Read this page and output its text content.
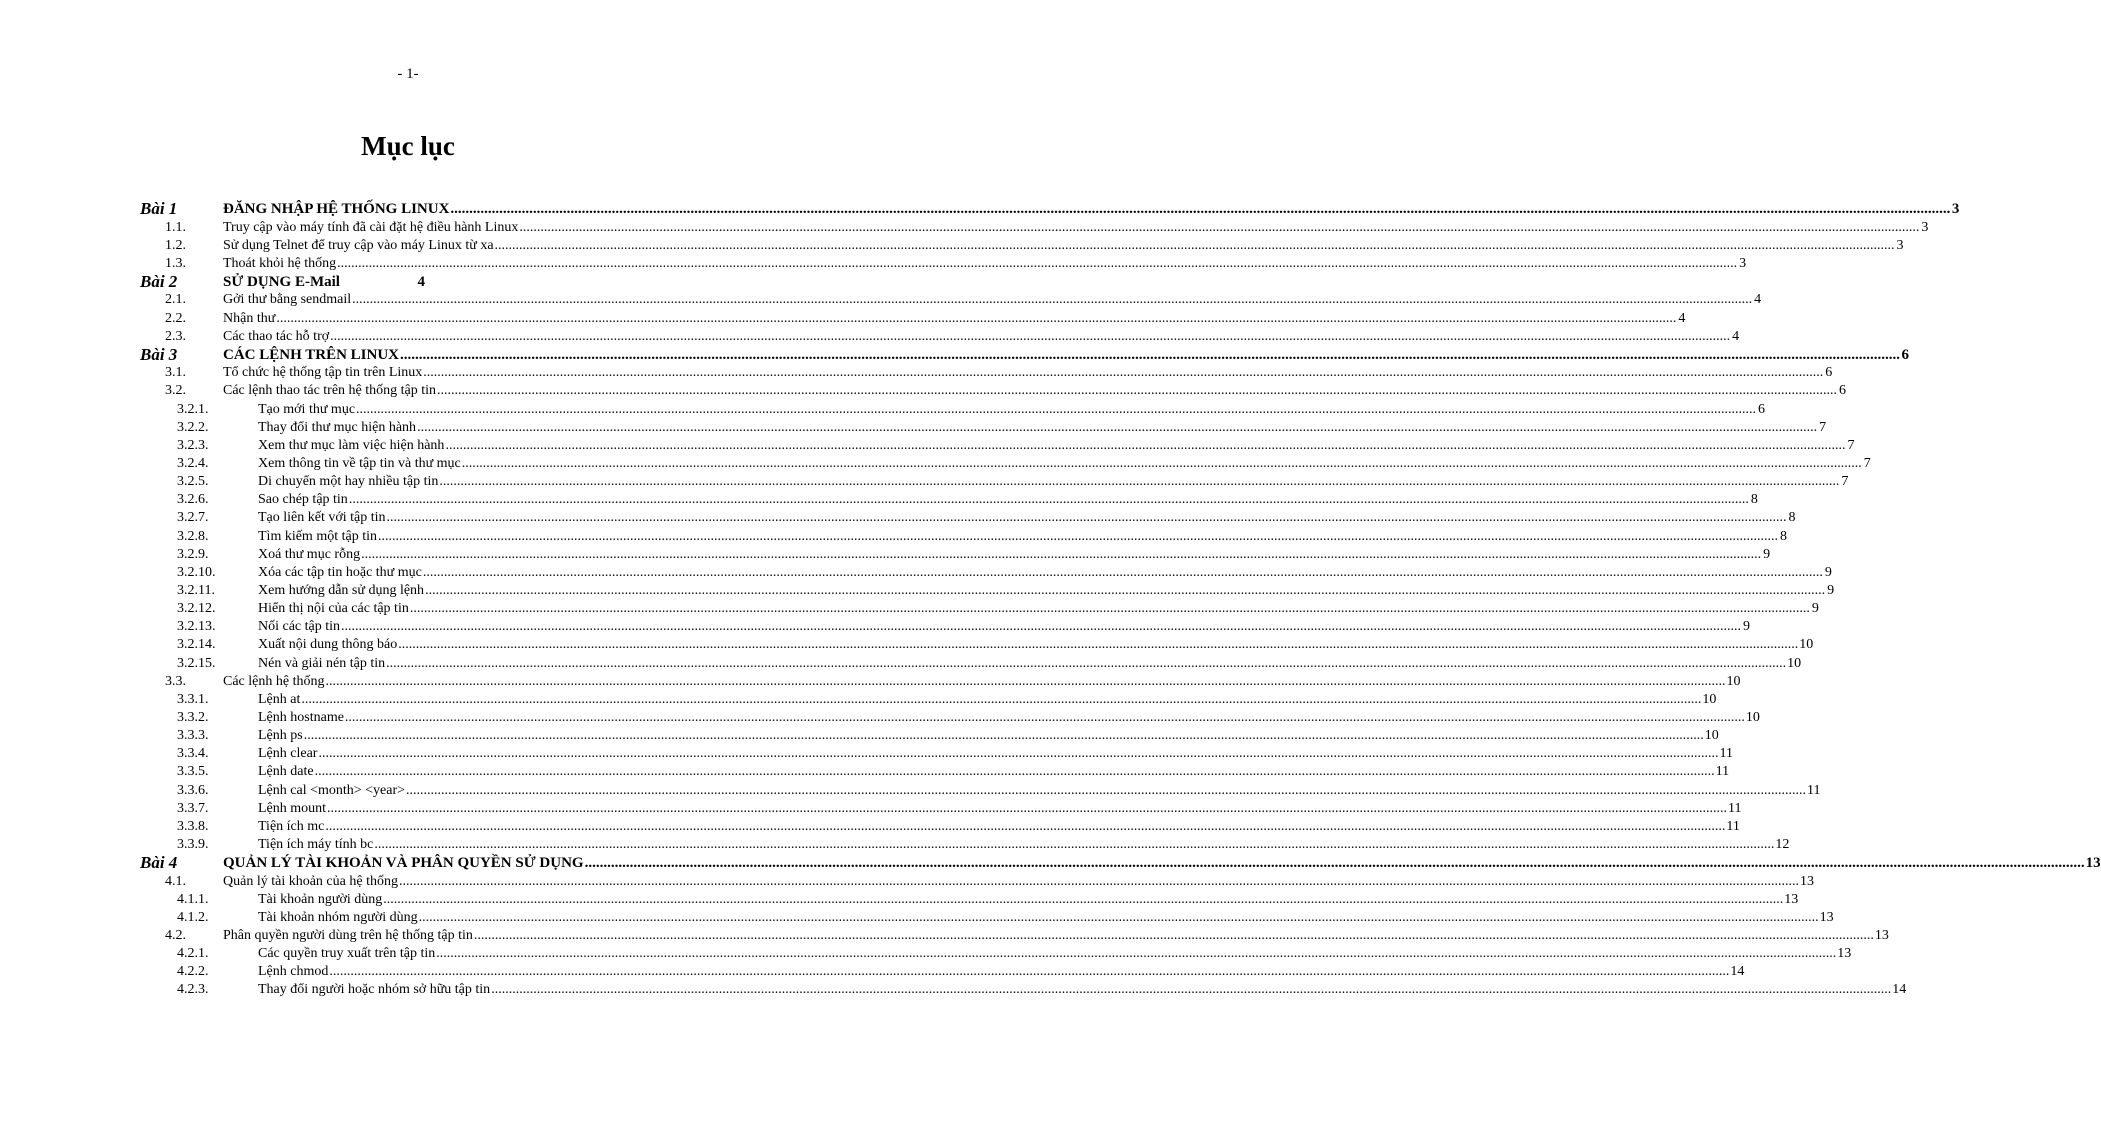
- 1-
Mục lục
Bài 1	ĐĂNG NHẬP HỆ THỐNG LINUX ................................................................................................................................................................................................................................................................................................................................................................................................................ 3
1.1.	Truy cập vào máy tính đã cài đặt hệ điều hành Linux ................................................................................................................................................................................................................................................................................................................................................................................................................ 3
1.2.	Sử dụng Telnet để truy cập vào máy Linux từ xa ................................................................................................................................................................................................................................................................................................................................................................................................................ 3
1.3.	Thoát khỏi hệ thống ................................................................................................................................................................................................................................................................................................................................................................................................................ 3
Bài 2	SỬ DỤNG E-Mail	4
2.1.	Gởi thư bằng sendmail ................................................................................................................................................................................................................................................................................................................................................................................................................ 4
2.2.	Nhận thư ................................................................................................................................................................................................................................................................................................................................................................................................................ 4
2.3.	Các thao tác hỗ trợ ................................................................................................................................................................................................................................................................................................................................................................................................................ 4
Bài 3	CÁC LỆNH TRÊN LINUX ................................................................................................................................................................................................................................................................................................................................................................................................................ 6
3.1.	Tổ chức hệ thống tập tin trên Linux ................................................................................................................................................................................................................................................................................................................................................................................................................ 6
3.2.	Các lệnh thao tác trên hệ thống tập tin ................................................................................................................................................................................................................................................................................................................................................................................................................ 6
3.2.1.	Tạo mới thư mục ................................................................................................................................................................................................................................................................................................................................................................................................................ 6
3.2.2.	Thay đổi thư mục hiện hành ................................................................................................................................................................................................................................................................................................................................................................................................................ 7
3.2.3.	Xem thư mục làm việc hiện hành ................................................................................................................................................................................................................................................................................................................................................................................................................ 7
3.2.4.	Xem thông tin về tập tin và thư mục ................................................................................................................................................................................................................................................................................................................................................................................................................ 7
3.2.5.	Di chuyển một hay nhiều tập tin ................................................................................................................................................................................................................................................................................................................................................................................................................ 7
3.2.6.	Sao chép tập tin ................................................................................................................................................................................................................................................................................................................................................................................................................ 8
3.2.7.	Tạo liên kết với tập tin ................................................................................................................................................................................................................................................................................................................................................................................................................ 8
3.2.8.	Tìm kiếm một tập tin ................................................................................................................................................................................................................................................................................................................................................................................................................ 8
3.2.9.	Xoá thư mục rỗng ................................................................................................................................................................................................................................................................................................................................................................................................................ 9
3.2.10.	Xóa các tập tin hoặc thư mục ................................................................................................................................................................................................................................................................................................................................................................................................................ 9
3.2.11.	Xem hướng dẫn sử dụng lệnh ................................................................................................................................................................................................................................................................................................................................................................................................................ 9
3.2.12.	Hiển thị nội của các tập tin ................................................................................................................................................................................................................................................................................................................................................................................................................ 9
3.2.13.	Nối các tập tin ................................................................................................................................................................................................................................................................................................................................................................................................................ 9
3.2.14.	Xuất nội dung thông báo ................................................................................................................................................................................................................................................................................................................................................................................................................ 10
3.2.15.	Nén và giải nén tập tin ................................................................................................................................................................................................................................................................................................................................................................................................................ 10
3.3.	Các lệnh hệ thống ................................................................................................................................................................................................................................................................................................................................................................................................................ 10
3.3.1.	Lệnh at ................................................................................................................................................................................................................................................................................................................................................................................................................ 10
3.3.2.	Lệnh hostname ................................................................................................................................................................................................................................................................................................................................................................................................................ 10
3.3.3.	Lệnh ps ................................................................................................................................................................................................................................................................................................................................................................................................................ 10
3.3.4.	Lệnh clear ................................................................................................................................................................................................................................................................................................................................................................................................................ 11
3.3.5.	Lệnh date ................................................................................................................................................................................................................................................................................................................................................................................................................ 11
3.3.6.	Lệnh cal <month> <year> ................................................................................................................................................................................................................................................................................................................................................................................................................ 11
3.3.7.	Lệnh mount ................................................................................................................................................................................................................................................................................................................................................................................................................ 11
3.3.8.	Tiện ích mc ................................................................................................................................................................................................................................................................................................................................................................................................................ 11
3.3.9.	Tiện ích máy tính bc ................................................................................................................................................................................................................................................................................................................................................................................................................ 12
Bài 4	QUẢN LÝ TÀI KHOẢN VÀ PHÂN QUYỀN SỬ DỤNG ................................................................................................................................................................................................................................................................................................................................................................................................................ 13
4.1.	Quản lý tài khoản của hệ thống ................................................................................................................................................................................................................................................................................................................................................................................................................ 13
4.1.1.	Tài khoản người dùng ................................................................................................................................................................................................................................................................................................................................................................................................................ 13
4.1.2.	Tài khoản nhóm người dùng ................................................................................................................................................................................................................................................................................................................................................................................................................ 13
4.2.	Phân quyền người dùng trên hệ thống tập tin ................................................................................................................................................................................................................................................................................................................................................................................................................ 13
4.2.1.	Các quyền truy xuất trên tập tin ................................................................................................................................................................................................................................................................................................................................................................................................................ 13
4.2.2.	Lệnh chmod ................................................................................................................................................................................................................................................................................................................................................................................................................ 14
4.2.3.	Thay đổi người hoặc nhóm sở hữu tập tin ................................................................................................................................................................................................................................................................................................................................................................................................................ 14
